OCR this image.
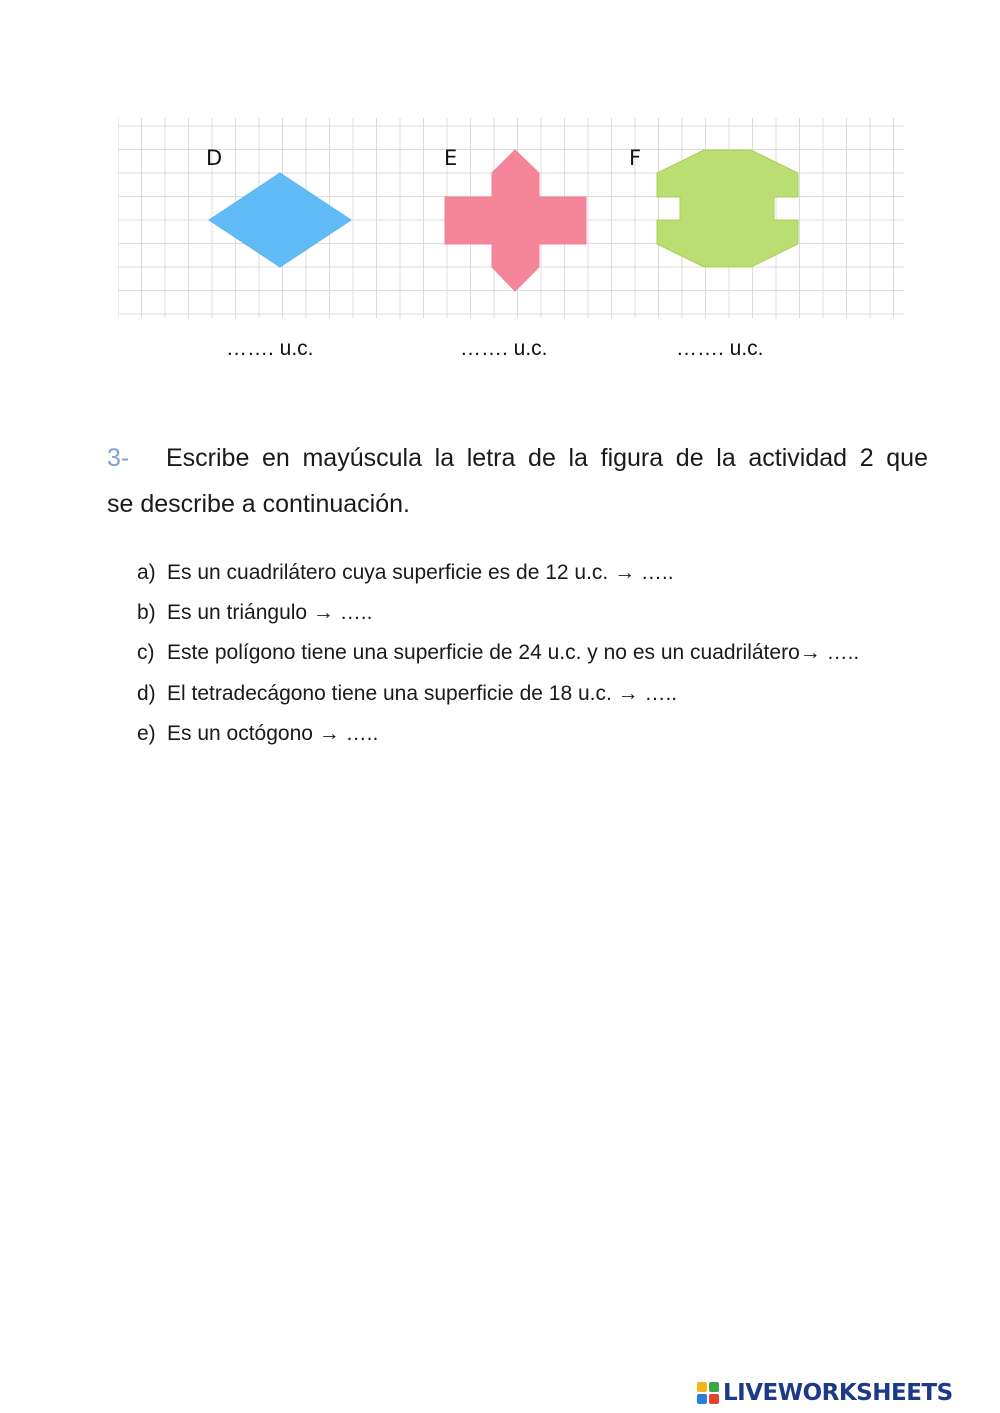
D	E	F
……. u.c.	……. u.c.	……. u.c.
3- Escribe en mayúscula la letra de la figura de la actividad 2 que
se describe a continuación.
a) Es un cuadrilátero cuya superficie es de 12 u.c. → …..
b) Es un triángulo → …..
c) Este polígono tiene una superficie de 24 u.c. y no es un cuadrilátero→ …..
d) El tetradecágono tiene una superficie de 18 u.c. → …..
e) Es un octógono → …..
LIVEWORKSHEETS
